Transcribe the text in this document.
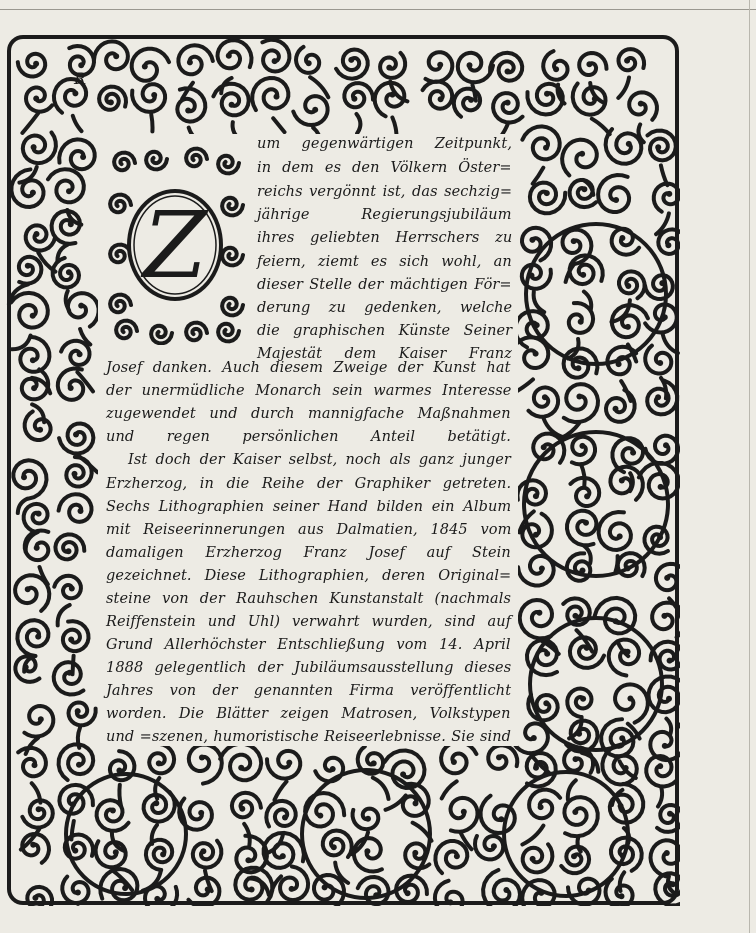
Z
R
um gegenwärtigen Zeitpunkt,
in dem es den Völkern Öster=
reichs vergönnt ist, das sechzig=
jährige Regierungsjubiläum
ihres geliebten Herrschers zu
feiern, ziemt es sich wohl, an
dieser Stelle der mächtigen För=
derung zu gedenken, welche
die graphischen Künste Seiner
Majestät dem Kaiser Franz
Josef danken. Auch diesem Zweige der Kunst hat
der unermüdliche Monarch sein warmes Interesse
zugewendet und durch mannigfache Maßnahmen
und regen persönlichen Anteil betätigt.
Ist doch der Kaiser selbst, noch als ganz junger
Erzherzog, in die Reihe der Graphiker getreten.
Sechs Lithographien seiner Hand bilden ein Album
mit Reiseerinnerungen aus Dalmatien, 1845 vom
damaligen Erzherzog Franz Josef auf Stein
gezeichnet. Diese Lithographien, deren Original=
steine von der Rauhschen Kunstanstalt (nachmals
Reiffenstein und Uhl) verwahrt wurden, sind auf
Grund Allerhöchster Entschließung vom 14. April
1888 gelegentlich der Jubiläumsausstellung dieses
Jahres von der genannten Firma veröffentlicht
worden. Die Blätter zeigen Matrosen, Volkstypen
und =szenen, humoristische Reiseerlebnisse. Sie sind
